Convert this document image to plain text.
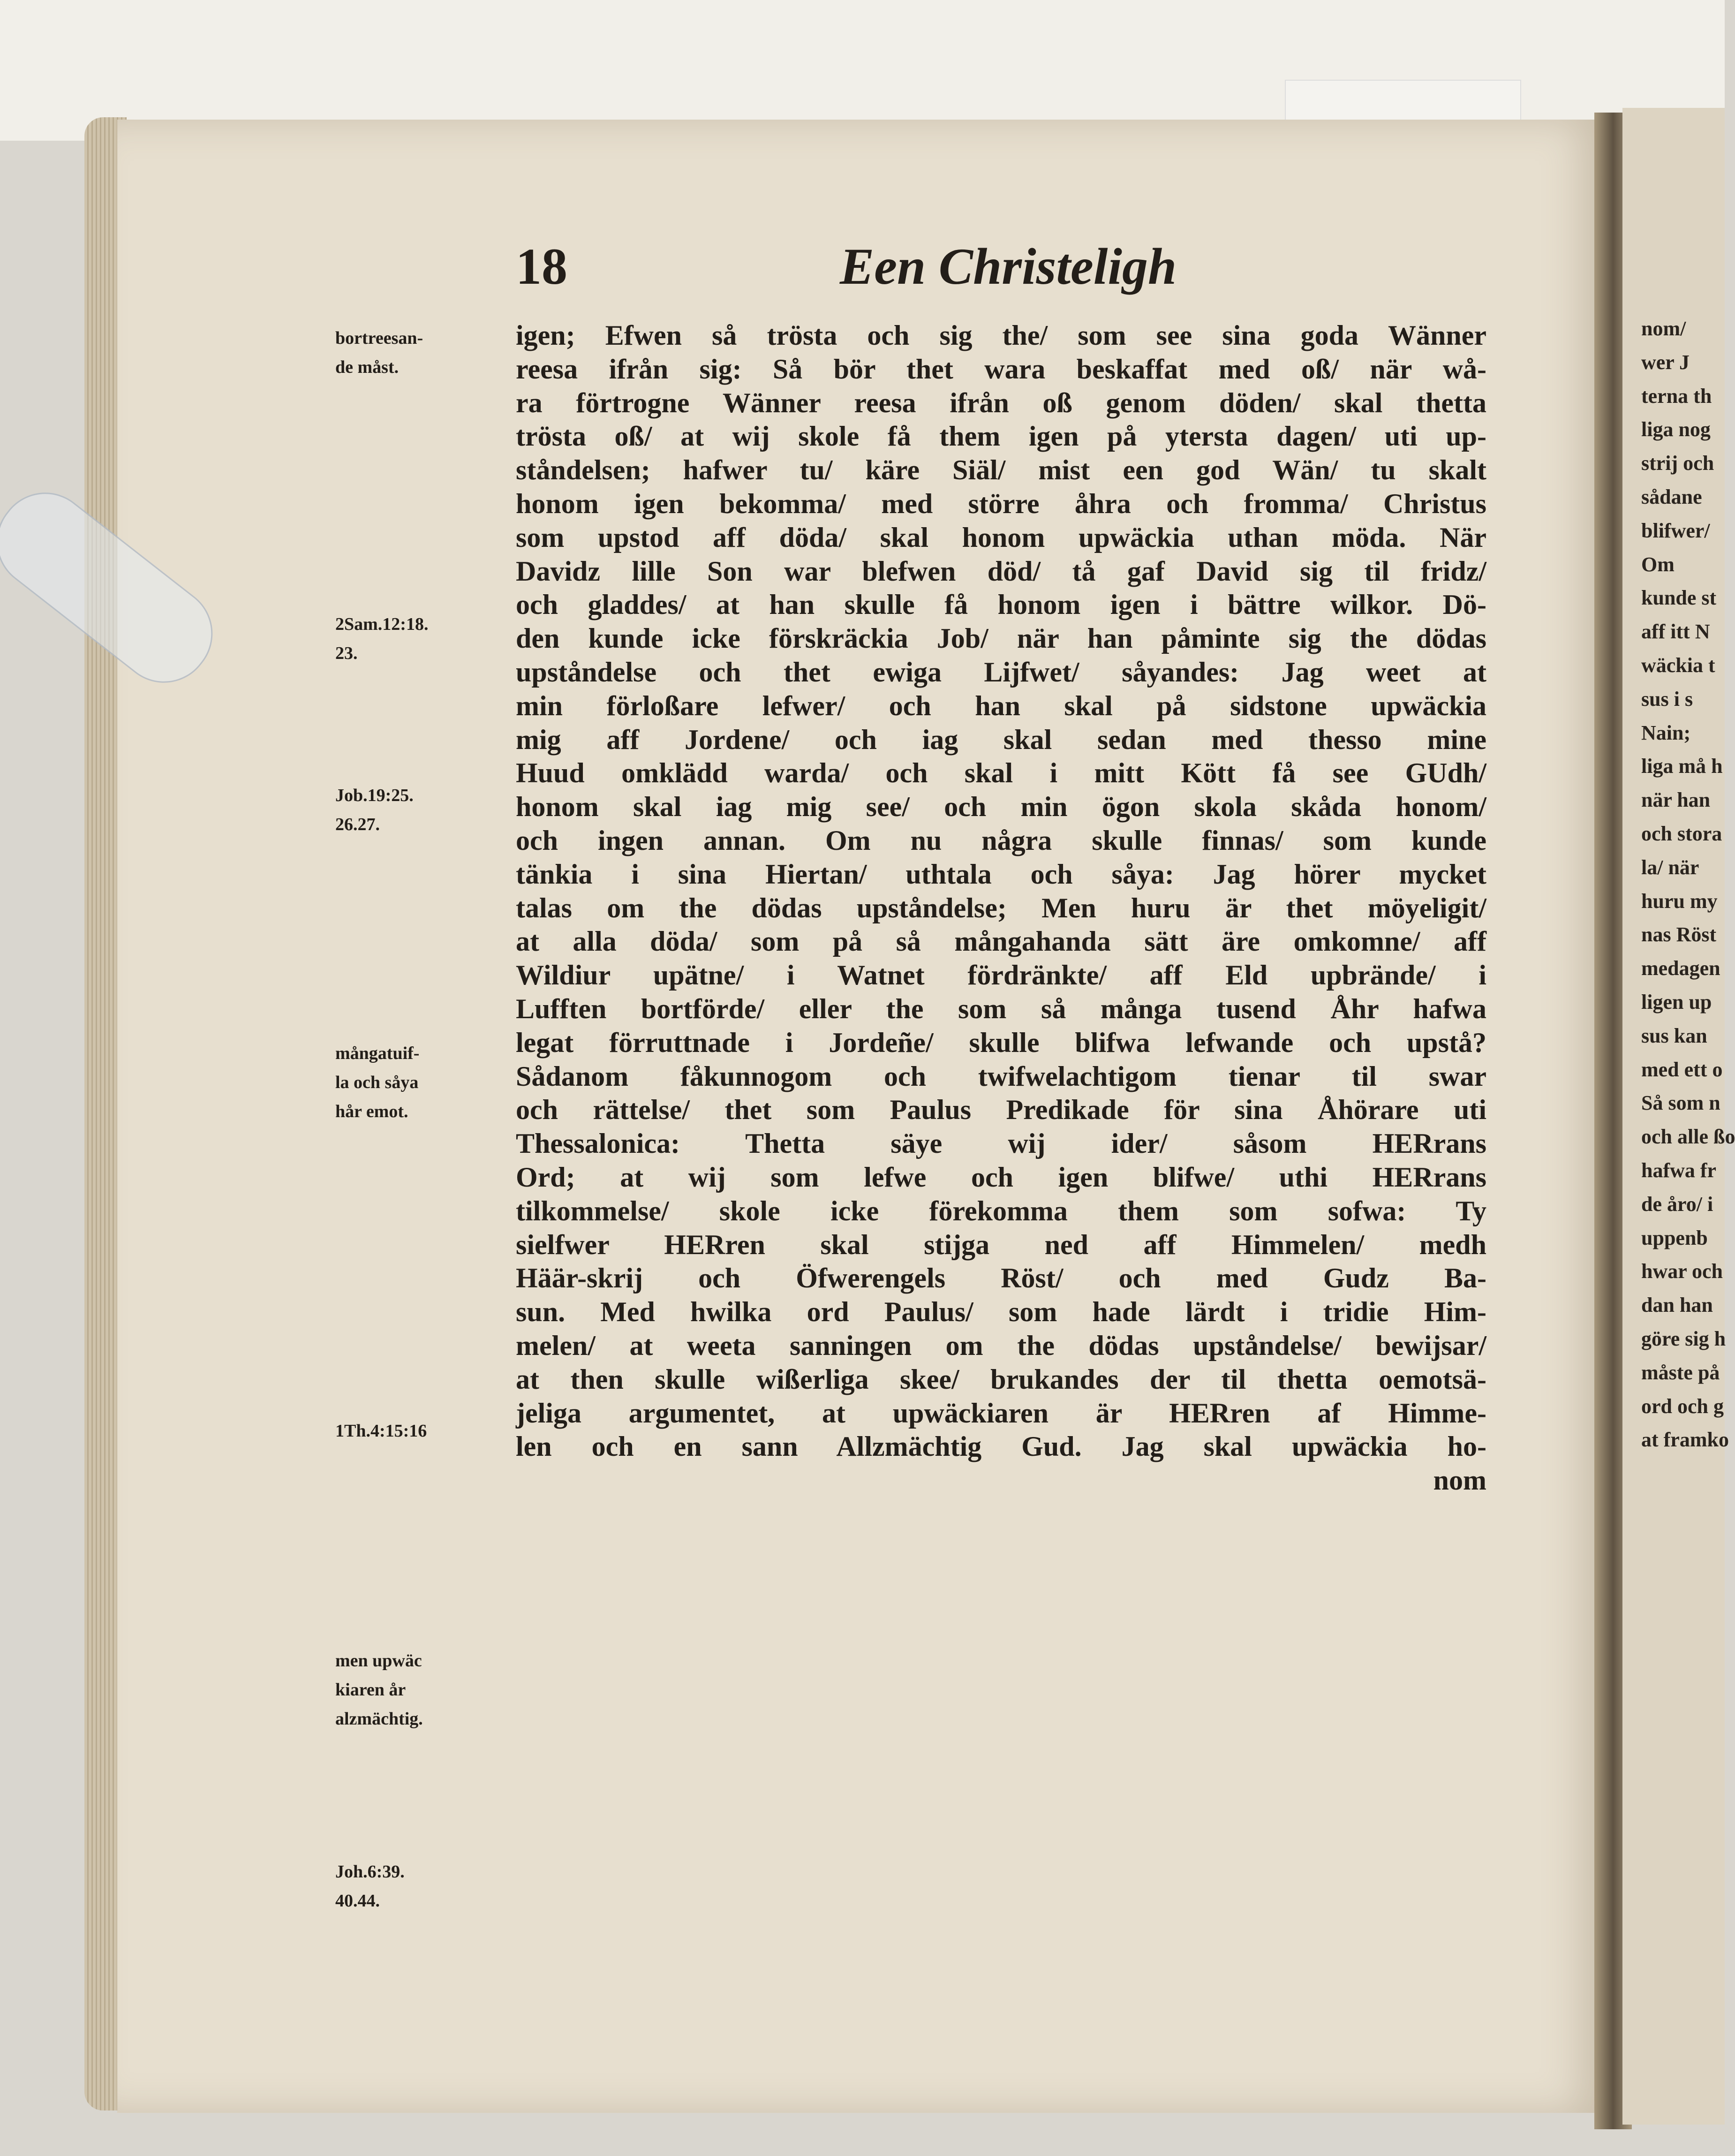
18	Een Christeligh
igen; Efwen så trösta och sig the/ som see sina goda Wänner
reesa ifrån sig: Så bör thet wara beskaffat med oß/ när wå-
ra förtrogne Wänner reesa ifrån oß genom döden/ skal thetta
trösta oß/ at wij skole få them igen på ytersta dagen/ uti up-
ståndelsen; hafwer tu/ käre Siäl/ mist een god Wän/ tu skalt
honom igen bekomma/ med större åhra och fromma/ Christus
som upstod aff döda/ skal honom upwäckia uthan möda. När
Davidz lille Son war blefwen död/ tå gaf David sig til fridz/
och gladdes/ at han skulle få honom igen i bättre wilkor. Dö-
den kunde icke förskräckia Job/ när han påminte sig the dödas
upståndelse och thet ewiga Lijfwet/ såyandes: Jag weet at
min förloßare lefwer/ och han skal på sidstone upwäckia
mig aff Jordene/ och iag skal sedan med thesso mine
Huud omklädd warda/ och skal i mitt Kött få see GUdh/
honom skal iag mig see/ och min ögon skola skåda honom/
och ingen annan. Om nu några skulle finnas/ som kunde
tänkia i sina Hiertan/ uthtala och såya: Jag hörer mycket
talas om the dödas upståndelse; Men huru är thet möyeligit/
at alla döda/ som på så mångahanda sätt äre omkomne/ aff
Wildiur upätne/ i Watnet fördränkte/ aff Eld upbrände/ i
Lufften bortförde/ eller the som så många tusend Åhr hafwa
legat förruttnade i Jordeñe/ skulle blifwa lefwande och upstå?
Sådanom fåkunnogom och twifwelachtigom tienar til swar
och rättelse/ thet som Paulus Predikade för sina Åhörare uti
Thessalonica: Thetta säye wij ider/ såsom HERrans
Ord; at wij som lefwe och igen blifwe/ uthi HERrans
tilkommelse/ skole icke förekomma them som sofwa: Ty
sielfwer HERren skal stijga ned aff Himmelen/ medh
Häär-skrij och Öfwerengels Röst/ och med Gudz Ba-
sun. Med hwilka ord Paulus/ som hade lärdt i tridie Him-
melen/ at weeta sanningen om the dödas upståndelse/ bewijsar/
at then skulle wißerliga skee/ brukandes der til thetta oemotsä-
jeliga argumentet, at upwäckiaren är HERren af Himme-
len och en sann Allzmächtig Gud. Jag skal upwäckia ho-
nom
bortreesan-
de måst.
2Sam.12:18.
23.
Job.19:25.
26.27.
mångatuif-
la och såya
hår emot.
1Th.4:15:16
men upwäc
kiaren år
alzmächtig.
Joh.6:39.
40.44.
nom/
wer J
terna th
liga nog
strij och
sådane
blifwer/
Om
kunde st
aff itt N
wäckia t
sus i s
Nain;
liga må h
när han
och stora
la/ när
huru my
nas Röst
medagen
ligen up
sus kan
med ett o
Så som n
och alle ßo
hafwa fr
de åro/ i
uppenb
hwar och
dan han
göre sig h
måste på
ord och g
at framko
